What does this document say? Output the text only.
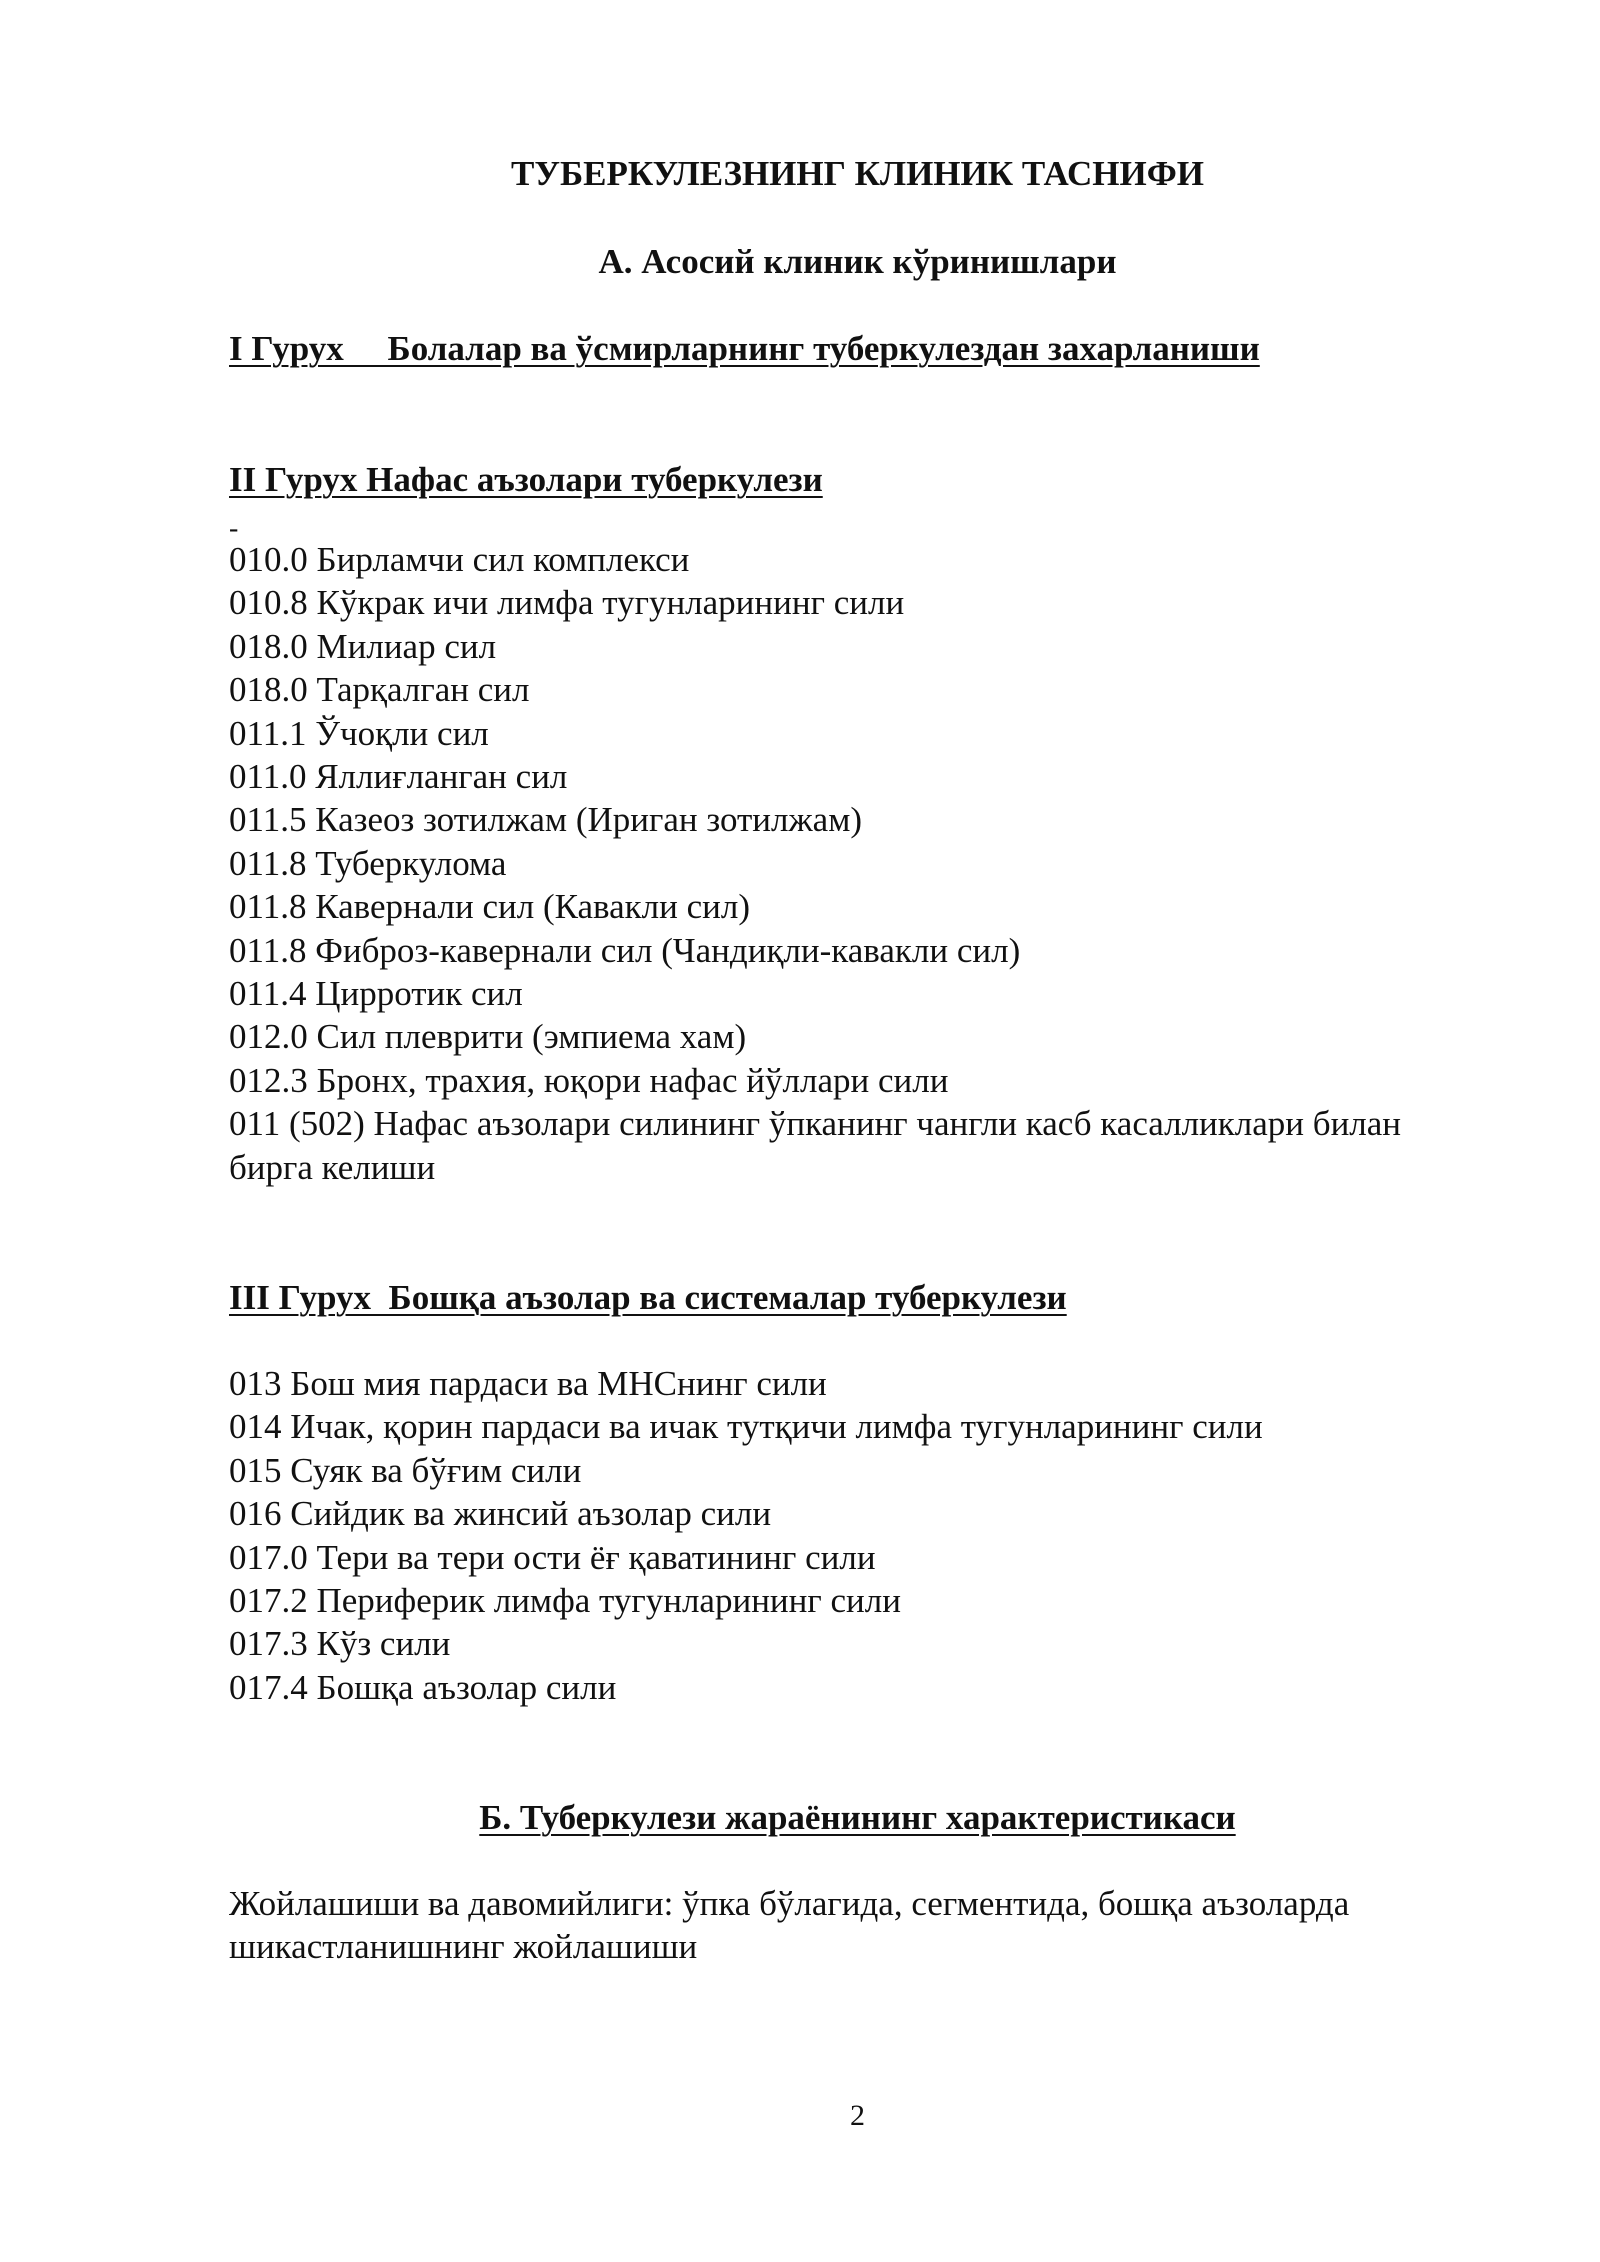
ТУБЕРКУЛЕЗНИНГ КЛИНИК ТАСНИФИ
А. Асосий клиник кўринишлари
I Гурух     Болалар ва ўсмирларнинг туберкулездан захарланиши
II Гурух Нафас аъзолари туберкулези
-
010.0 Бирламчи сил комплекси
010.8 Кўкрак ичи лимфа тугунларининг сили
018.0 Милиар сил
018.0 Тарқалган сил
011.1 Ўчоқли сил
011.0 Яллиғланган сил
011.5 Казеоз зотилжам (Ириган зотилжам)
011.8 Туберкулома
011.8 Кавернали сил (Кавакли сил)
011.8 Фиброз-кавернали сил (Чандиқли-кавакли сил)
011.4 Цирротик сил
012.0 Сил плеврити (эмпиема хам)
012.3 Бронх, трахия, юқори нафас йўллари сили
011 (502) Нафас аъзолари силининг ўпканинг чангли касб касалликлари билан бирга келиши
III Гурух  Бошқа аъзолар ва системалар туберкулези
013 Бош мия пардаси ва МНСнинг сили
014 Ичак, қорин пардаси ва ичак тутқичи лимфа тугунларининг сили
015 Суяк ва бўғим сили
016 Сийдик ва жинсий аъзолар сили
017.0 Тери ва тери ости ёғ қаватининг сили
017.2 Периферик лимфа тугунларининг сили
017.3 Кўз сили
017.4 Бошқа аъзолар сили
Б. Туберкулези жараёнининг характеристикаси

Жойлашиши ва давомийлиги: ўпка бўлагида, сегментида, бошқа аъзоларда шикастланишнинг жойлашиши

2
